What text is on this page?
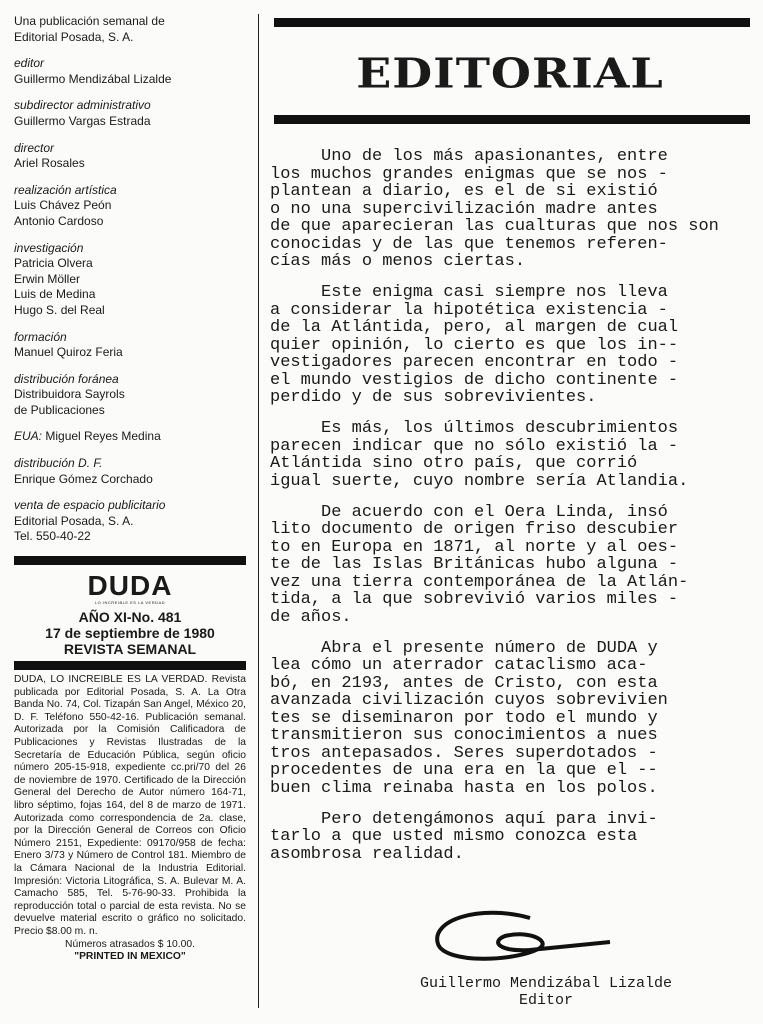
Una publicación semanal de
Editorial Posada, S. A.
editor
Guillermo Mendizábal Lizalde
subdirector administrativo
Guillermo Vargas Estrada
director
Ariel Rosales
realización artística
Luis Chávez Peón
Antonio Cardoso
investigación
Patricia Olvera
Erwin Möller
Luis de Medina
Hugo S. del Real
formación
Manuel Quiroz Feria
distribución foránea
Distribuidora Sayrols
de Publicaciones
EUA: Miguel Reyes Medina
distribución D. F.
Enrique Gómez Corchado
venta de espacio publicitario
Editorial Posada, S. A.
Tel. 550-40-22
DUDA
LO INCREIBLE ES LA VERDAD
AÑO XI-No. 481
17 de septiembre de 1980
REVISTA SEMANAL
DUDA, LO INCREIBLE ES LA VERDAD. Revista publicada por Editorial Posada, S. A. La Otra Banda No. 74, Col. Tizapán San Angel, México 20, D. F. Teléfono 550-42-16. Publicación semanal. Autorizada por la Comisión Calificadora de Publicaciones y Revistas Ilustradas de la Secretaría de Educación Pública, según oficio número 205-15-918, expediente cc.pri/70 del 26 de noviembre de 1970. Certificado de la Dirección General del Derecho de Autor número 164-71, libro séptimo, fojas 164, del 8 de marzo de 1971. Autorizada como correspondencia de 2a. clase, por la Dirección General de Correos con Oficio Número 2151, Expediente: 09170/958 de fecha: Enero 3/73 y Número de Control 181. Miembro de la Cámara Nacional de la Industria Editorial. Impresión: Victoria Litográfica, S. A. Bulevar M. A. Camacho 585, Tel. 5-76-90-33. Prohibida la reproducción total o parcial de esta revista. No se devuelve material escrito o gráfico no solicitado. Precio $8.00 m. n.
Números atrasados $ 10.00.
"PRINTED IN MEXICO"
EDITORIAL
Uno de los más apasionantes, entre
los muchos grandes enigmas que se nos -
plantean a diario, es el de si existió
o no una supercivilización madre antes
de que aparecieran las cualturas que nos son
conocidas y de las que tenemos referen-
cías más o menos ciertas.
Este enigma casi siempre nos lleva
a considerar la hipotética existencia -
de la Atlántida, pero, al margen de cual
quier opinión, lo cierto es que los in--
vestigadores parecen encontrar en todo -
el mundo vestigios de dicho continente -
perdido y de sus sobrevivientes.
Es más, los últimos descubrimientos
parecen indicar que no sólo existió la -
Atlántida sino otro país, que corrió
igual suerte, cuyo nombre sería Atlandia.
De acuerdo con el Oera Linda, insó
lito documento de origen friso descubier
to en Europa en 1871, al norte y al oes-
te de las Islas Británicas hubo alguna -
vez una tierra contemporánea de la Atlán-
tida, a la que sobrevivió varios miles -
de años.
Abra el presente número de DUDA y
lea cómo un aterrador cataclismo aca-
bó, en 2193, antes de Cristo, con esta
avanzada civilización cuyos sobrevivien
tes se diseminaron por todo el mundo y
transmitieron sus conocimientos a nues
tros antepasados. Seres superdotados -
procedentes de una era en la que el --
buen clima reinaba hasta en los polos.
Pero detengámonos aquí para invi-
tarlo a que usted mismo conozca esta
asombrosa realidad.
Guillermo Mendizábal Lizalde
Editor
